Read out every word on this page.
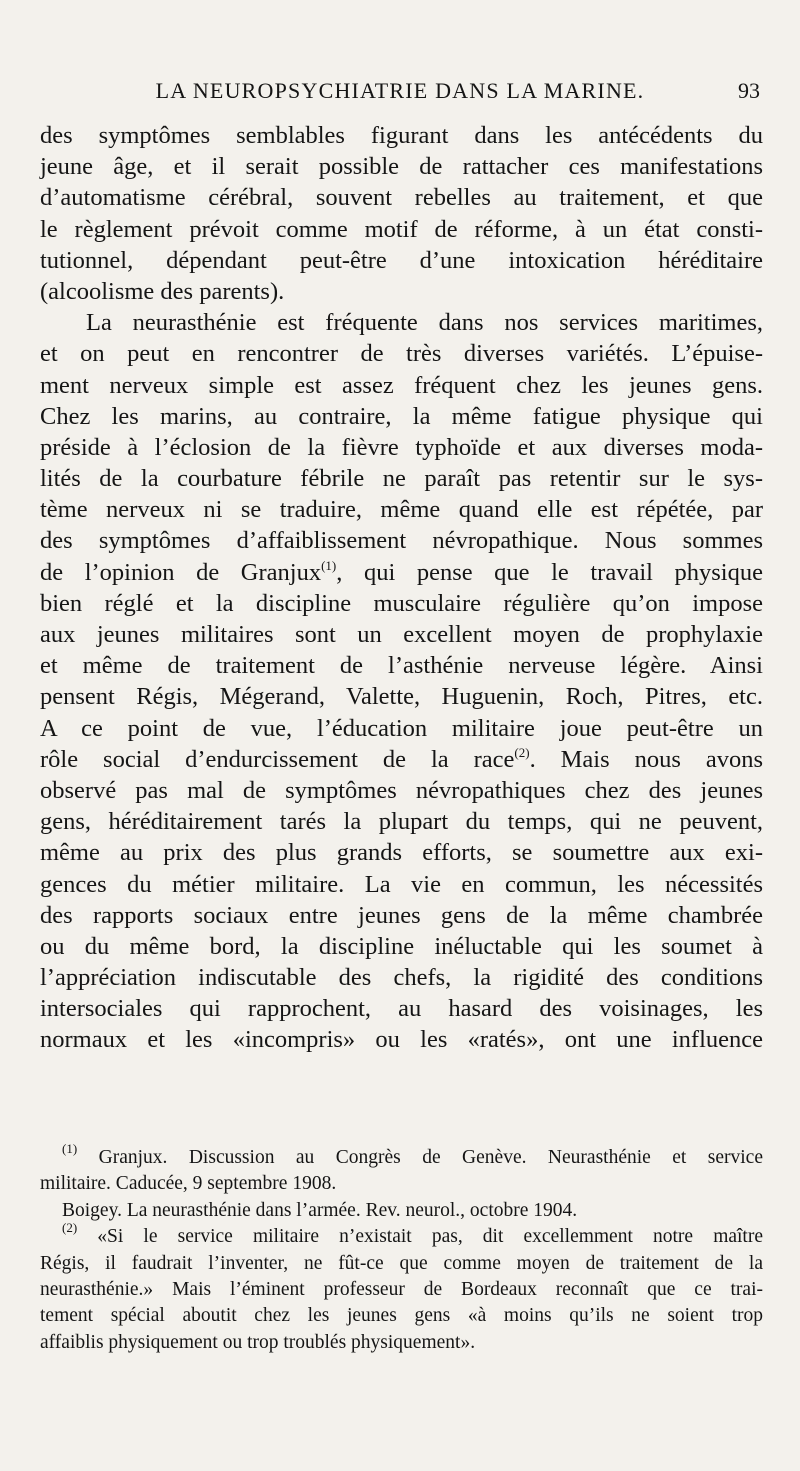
LA NEUROPSYCHIATRIE DANS LA MARINE.	93
des symptômes semblables figurant dans les antécédents du
jeune âge, et il serait possible de rattacher ces manifestations
d’automatisme cérébral, souvent rebelles au traitement, et que
le règlement prévoit comme motif de réforme, à un état consti-
tutionnel, dépendant peut-être d’une intoxication héréditaire
(alcoolisme des parents).
La neurasthénie est fréquente dans nos services maritimes,
et on peut en rencontrer de très diverses variétés. L’épuise-
ment nerveux simple est assez fréquent chez les jeunes gens.
Chez les marins, au contraire, la même fatigue physique qui
préside à l’éclosion de la fièvre typhoïde et aux diverses moda-
lités de la courbature fébrile ne paraît pas retentir sur le sys-
tème nerveux ni se traduire, même quand elle est répétée, par
des symptômes d’affaiblissement névropathique. Nous sommes
de l’opinion de Granjux$^{(1)}$, qui pense que le travail physique
bien réglé et la discipline musculaire régulière qu’on impose
aux jeunes militaires sont un excellent moyen de prophylaxie
et même de traitement de l’asthénie nerveuse légère. Ainsi
pensent Régis, Mégerand, Valette, Huguenin, Roch, Pitres, etc.
A ce point de vue, l’éducation militaire joue peut-être un
rôle social d’endurcissement de la race$^{(2)}$. Mais nous avons
observé pas mal de symptômes névropathiques chez des jeunes
gens, héréditairement tarés la plupart du temps, qui ne peuvent,
même au prix des plus grands efforts, se soumettre aux exi-
gences du métier militaire. La vie en commun, les nécessités
des rapports sociaux entre jeunes gens de la même chambrée
ou du même bord, la discipline inéluctable qui les soumet à
l’appréciation indiscutable des chefs, la rigidité des conditions
intersociales qui rapprochent, au hasard des voisinages, les
normaux et les «incompris» ou les «ratés», ont une influence
$^{(1)}$ Granjux. Discussion au Congrès de Genève. Neurasthénie et service
militaire. Caducée, 9 septembre 1908.
Boigey. La neurasthénie dans l’armée. Rev. neurol., octobre 1904.
$^{(2)}$ «Si le service militaire n’existait pas, dit excellemment notre maître
Régis, il faudrait l’inventer, ne fût-ce que comme moyen de traitement de la
neurasthénie.» Mais l’éminent professeur de Bordeaux reconnaît que ce trai-
tement spécial aboutit chez les jeunes gens «à moins qu’ils ne soient trop
affaiblis physiquement ou trop troublés physiquement».
